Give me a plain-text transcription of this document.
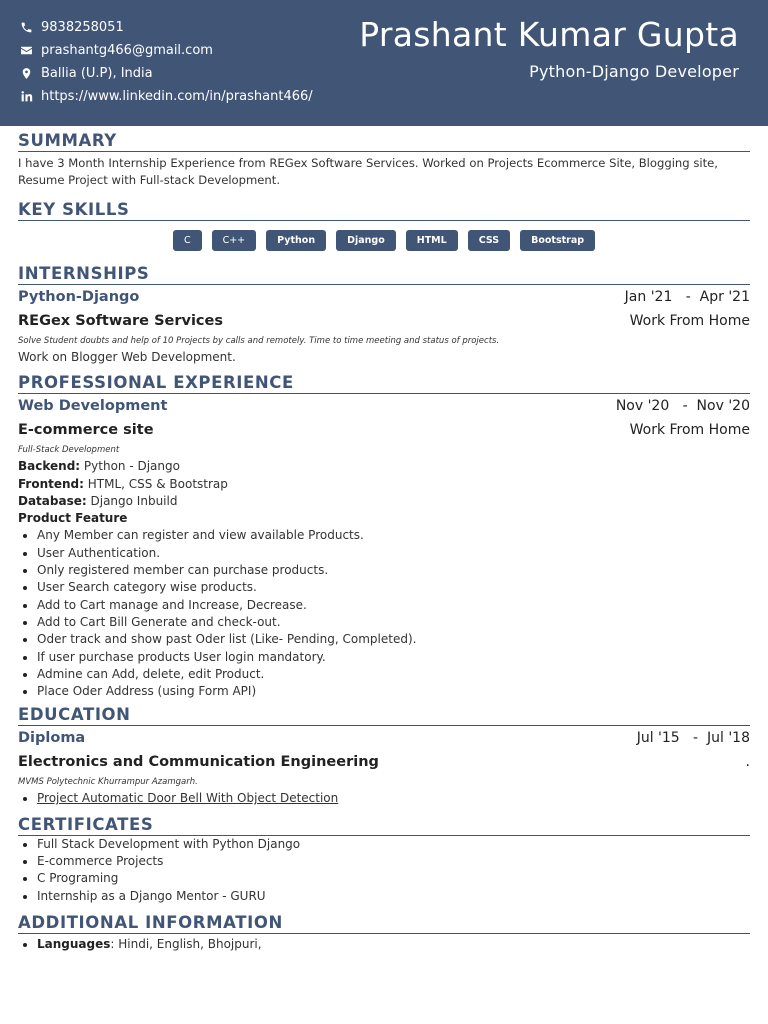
9838258051
prashantg466@gmail.com
Ballia (U.P), India
https://www.linkedin.com/in/prashant466/
Prashant Kumar Gupta
Python-Django Developer
SUMMARY
I have 3 Month Internship Experience from REGex Software Services. Worked on Projects Ecommerce Site, Blogging site, Resume Project with Full-stack Development.
KEY SKILLS
C	C++	Python	Django	HTML	CSS	Bootstrap
INTERNSHIPS
Python-Django	Jan '21   -  Apr '21
REGex Software Services	Work From Home
Solve Student doubts and help of 10 Projects by calls and remotely. Time to time meeting and status of projects.
Work on Blogger Web Development.
PROFESSIONAL EXPERIENCE
Web Development	Nov '20   -  Nov '20
E-commerce site	Work From Home
Full-Stack Development
Backend: Python - Django
Frontend: HTML, CSS & Bootstrap
Database: Django Inbuild
Product Feature
Any Member can register and view available Products.
User Authentication.
Only registered member can purchase products.
User Search category wise products.
Add to Cart manage and Increase, Decrease.
Add to Cart Bill Generate and check-out.
Oder track and show past Oder list (Like- Pending, Completed).
If user purchase products User login mandatory.
Admine can Add, delete, edit Product.
Place Oder Address (using Form API)
EDUCATION
Diploma	Jul '15   -  Jul '18
Electronics and Communication Engineering	.
MVMS Polytechnic Khurrampur Azamgarh.
Project Automatic Door Bell With Object Detection
CERTIFICATES
Full Stack Development with Python Django
E-commerce Projects
C Programing
Internship as a Django Mentor - GURU
ADDITIONAL INFORMATION
Languages: Hindi, English, Bhojpuri,
